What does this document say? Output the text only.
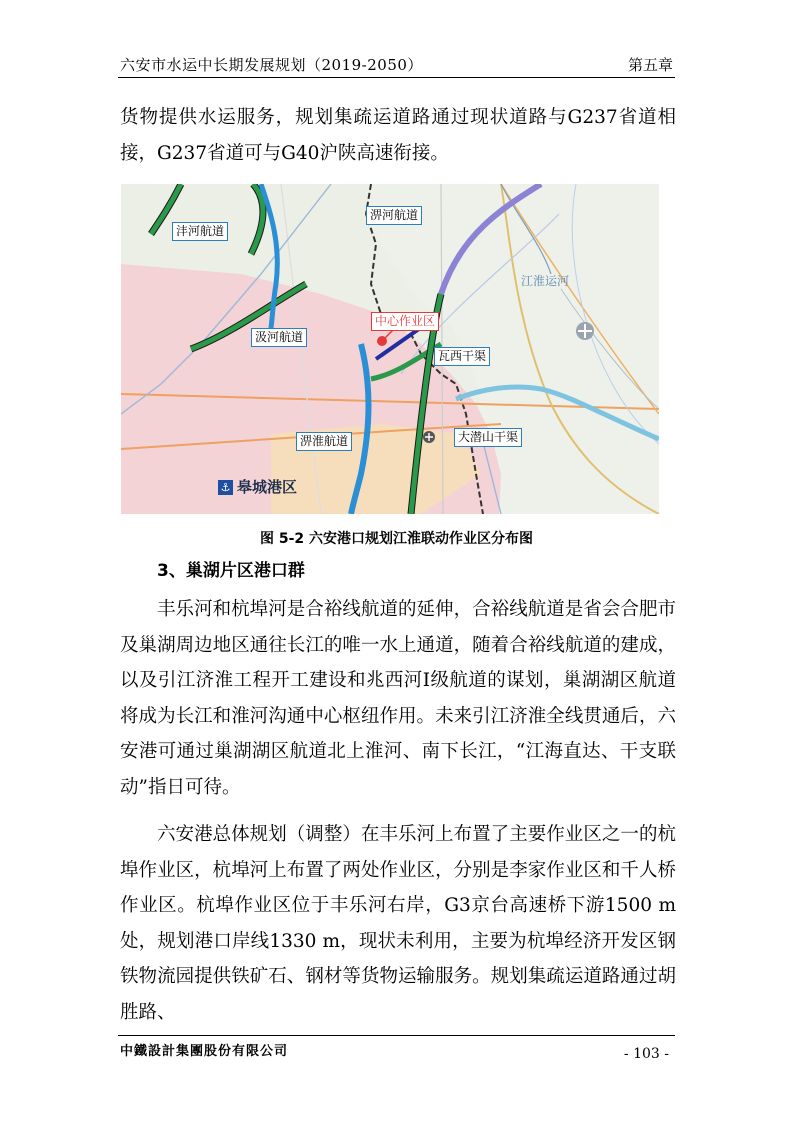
六安市水运中长期发展规划（2019-2050）	第五章

货物提供水运服务，规划集疏运道路通过现状道路与G237省道相接，G237省道可与G40沪陕高速衔接。

沣河航道
淠河航道
汲河航道
江淮运河
中心作业区
瓦西干渠
淠淮航道	大潜山干渠
⚓ 皋城港区
图 5-2 六安港口规划江淮联动作业区分布图
3、巢湖片区港口群

丰乐河和杭埠河是合裕线航道的延伸，合裕线航道是省会合肥市及巢湖周边地区通往长江的唯一水上通道，随着合裕线航道的建成，以及引江济淮工程开工建设和兆西河Ⅰ级航道的谋划，巢湖湖区航道将成为长江和淮河沟通中心枢纽作用。未来引江济淮全线贯通后，六安港可通过巢湖湖区航道北上淮河、南下长江，“江海直达、干支联动”指日可待。

六安港总体规划（调整）在丰乐河上布置了主要作业区之一的杭埠作业区，杭埠河上布置了两处作业区，分别是李家作业区和千人桥作业区。杭埠作业区位于丰乐河右岸，G3京台高速桥下游1500 m处，规划港口岸线1330 m，现状未利用，主要为杭埠经济开发区钢铁物流园提供铁矿石、钢材等货物运输服务。规划集疏运道路通过胡胜路、

中鐵設計集團股份有限公司	- 103 -
